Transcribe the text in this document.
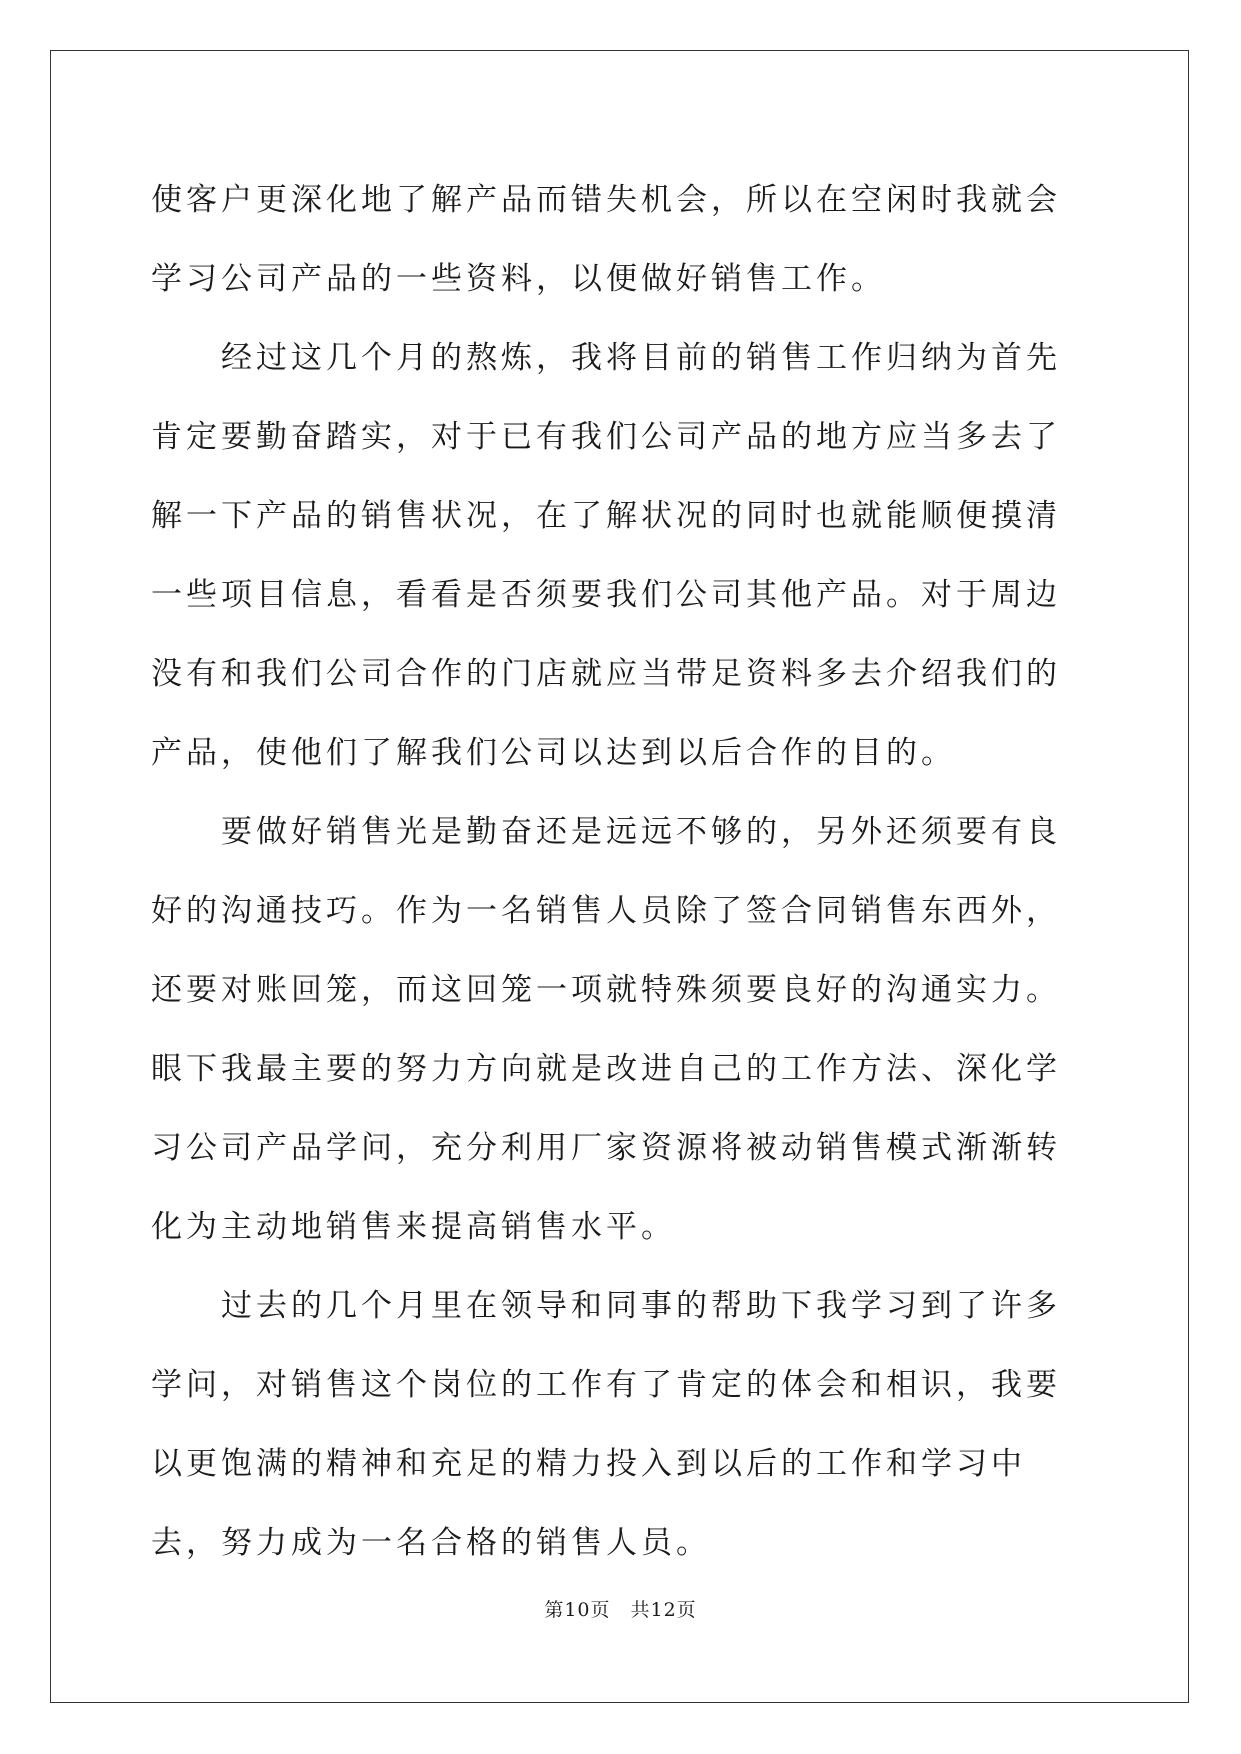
使客户更深化地了解产品而错失机会，所以在空闲时我就会学习公司产品的一些资料，以便做好销售工作。

经过这几个月的熬炼，我将目前的销售工作归纳为首先肯定要勤奋踏实，对于已有我们公司产品的地方应当多去了解一下产品的销售状况，在了解状况的同时也就能顺便摸清一些项目信息，看看是否须要我们公司其他产品。对于周边没有和我们公司合作的门店就应当带足资料多去介绍我们的产品，使他们了解我们公司以达到以后合作的目的。

要做好销售光是勤奋还是远远不够的，另外还须要有良好的沟通技巧。作为一名销售人员除了签合同销售东西外，还要对账回笼，而这回笼一项就特殊须要良好的沟通实力。眼下我最主要的努力方向就是改进自己的工作方法、深化学习公司产品学问，充分利用厂家资源将被动销售模式渐渐转化为主动地销售来提高销售水平。

过去的几个月里在领导和同事的帮助下我学习到了许多学问，对销售这个岗位的工作有了肯定的体会和相识，我要以更饱满的精神和充足的精力投入到以后的工作和学习中去，努力成为一名合格的销售人员。

第10页　共12页
